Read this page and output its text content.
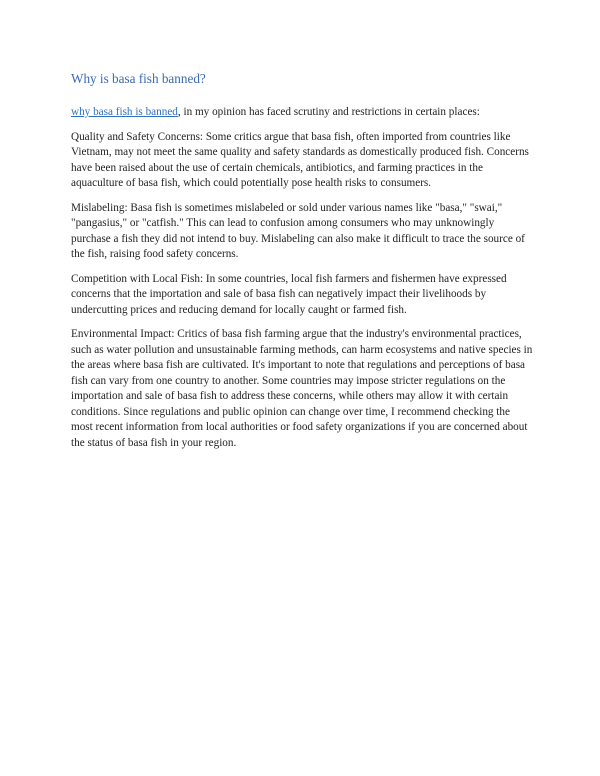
Why is basa fish banned?

why basa fish is banned, in my opinion has faced scrutiny and restrictions in certain places:

Quality and Safety Concerns: Some critics argue that basa fish, often imported from countries like Vietnam, may not meet the same quality and safety standards as domestically produced fish. Concerns have been raised about the use of certain chemicals, antibiotics, and farming practices in the aquaculture of basa fish, which could potentially pose health risks to consumers.

Mislabeling: Basa fish is sometimes mislabeled or sold under various names like "basa," "swai," "pangasius," or "catfish." This can lead to confusion among consumers who may unknowingly purchase a fish they did not intend to buy. Mislabeling can also make it difficult to trace the source of the fish, raising food safety concerns.

Competition with Local Fish: In some countries, local fish farmers and fishermen have expressed concerns that the importation and sale of basa fish can negatively impact their livelihoods by undercutting prices and reducing demand for locally caught or farmed fish.

Environmental Impact: Critics of basa fish farming argue that the industry's environmental practices, such as water pollution and unsustainable farming methods, can harm ecosystems and native species in the areas where basa fish are cultivated. It's important to note that regulations and perceptions of basa fish can vary from one country to another. Some countries may impose stricter regulations on the importation and sale of basa fish to address these concerns, while others may allow it with certain conditions. Since regulations and public opinion can change over time, I recommend checking the most recent information from local authorities or food safety organizations if you are concerned about the status of basa fish in your region.
